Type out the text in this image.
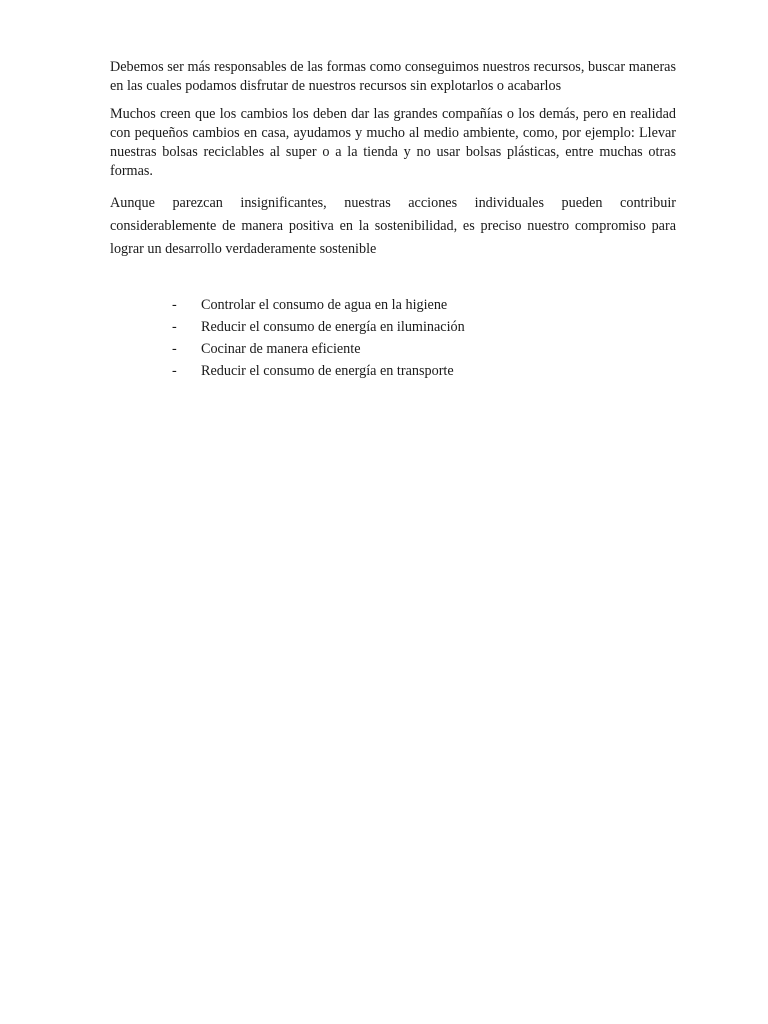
Debemos ser más responsables de las formas como conseguimos nuestros recursos, buscar maneras en las cuales podamos disfrutar de nuestros recursos sin explotarlos o acabarlos

Muchos creen que los cambios los deben dar las grandes compañías o los demás, pero en realidad con pequeños cambios en casa, ayudamos y mucho al medio ambiente, como, por ejemplo: Llevar nuestras bolsas reciclables al super o a la tienda y no usar bolsas plásticas, entre muchas otras formas.

Aunque parezcan insignificantes, nuestras acciones individuales pueden contribuir considerablemente de manera positiva en la sostenibilidad, es preciso nuestro compromiso para lograr un desarrollo verdaderamente sostenible

- Controlar el consumo de agua en la higiene
- Reducir el consumo de energía en iluminación
- Cocinar de manera eficiente
- Reducir el consumo de energía en transporte
